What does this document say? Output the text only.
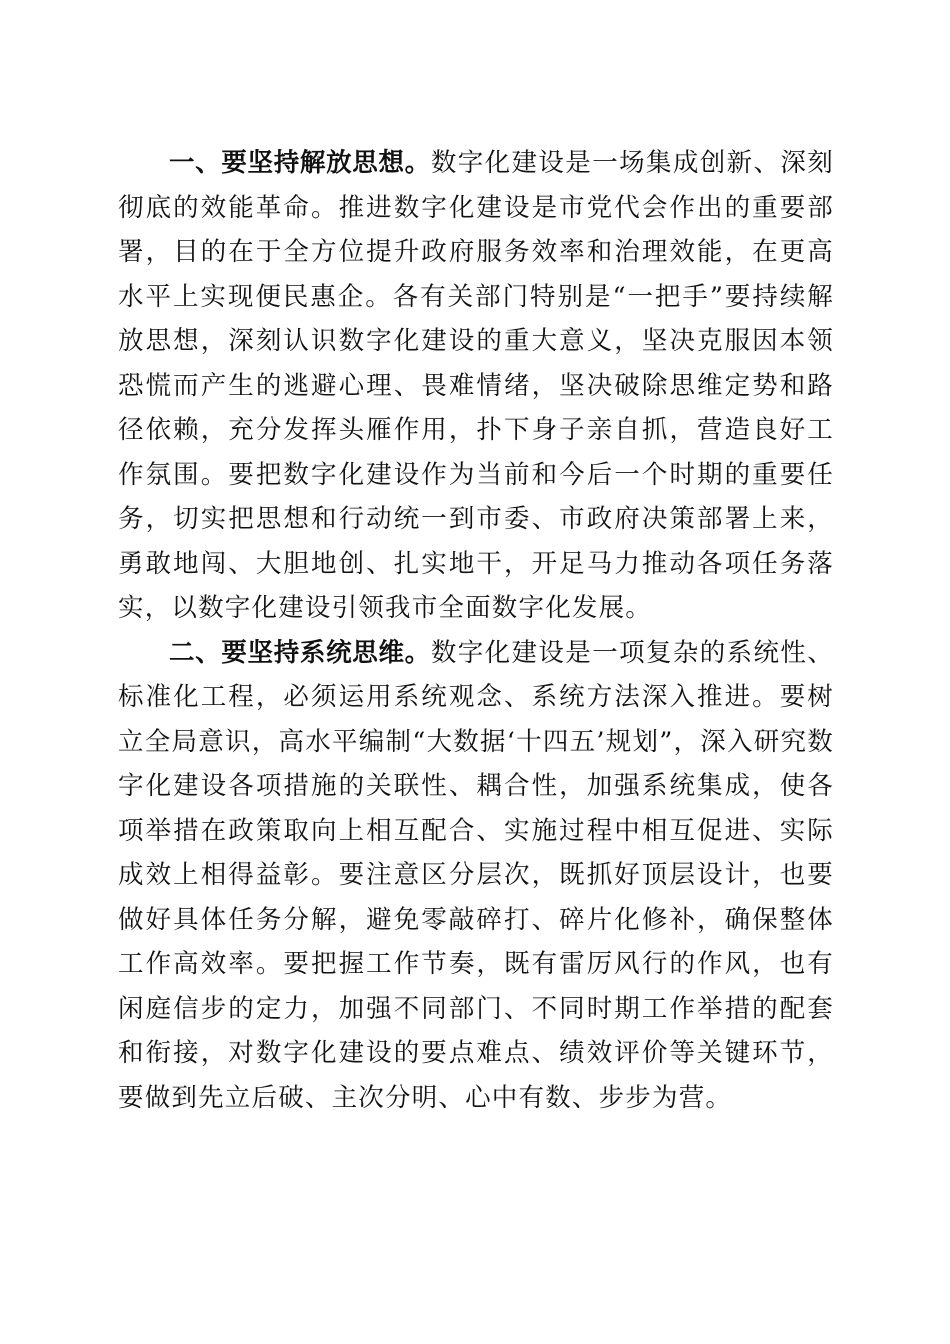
一、要坚持解放思想。数字化建设是一场集成创新、深刻彻底的效能革命。推进数字化建设是市党代会作出的重要部署，目的在于全方位提升政府服务效率和治理效能，在更高水平上实现便民惠企。各有关部门特别是“一把手”要持续解放思想，深刻认识数字化建设的重大意义，坚决克服因本领恐慌而产生的逃避心理、畏难情绪，坚决破除思维定势和路径依赖，充分发挥头雁作用，扑下身子亲自抓，营造良好工作氛围。要把数字化建设作为当前和今后一个时期的重要任务，切实把思想和行动统一到市委、市政府决策部署上来，勇敢地闯、大胆地创、扎实地干，开足马力推动各项任务落实，以数字化建设引领我市全面数字化发展。

二、要坚持系统思维。数字化建设是一项复杂的系统性、标准化工程，必须运用系统观念、系统方法深入推进。要树立全局意识，高水平编制“大数据‘十四五’规划”，深入研究数字化建设各项措施的关联性、耦合性，加强系统集成，使各项举措在政策取向上相互配合、实施过程中相互促进、实际成效上相得益彰。要注意区分层次，既抓好顶层设计，也要做好具体任务分解，避免零敲碎打、碎片化修补，确保整体工作高效率。要把握工作节奏，既有雷厉风行的作风，也有闲庭信步的定力，加强不同部门、不同时期工作举措的配套和衔接，对数字化建设的要点难点、绩效评价等关键环节，要做到先立后破、主次分明、心中有数、步步为营。
